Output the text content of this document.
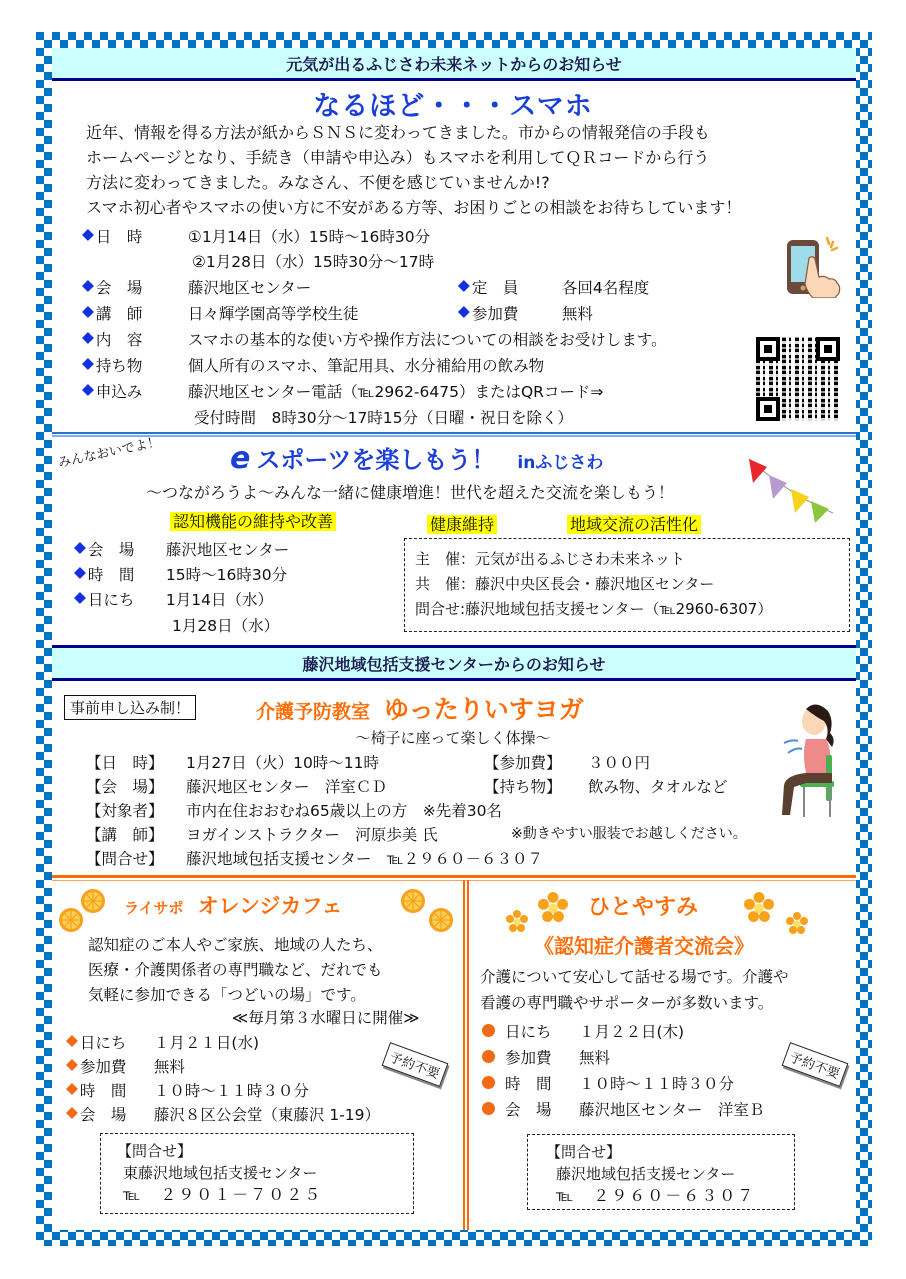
元気が出るふじさわ未来ネットからのお知らせ
なるほど・・・スマホ
近年、情報を得る方法が紙からＳＮＳに変わってきました。市からの情報発信の手段も
ホームページとなり、手続き（申請や申込み）もスマホを利用してＱＲコードから行う
方法に変わってきました。みなさん、不便を感じていませんか!?
スマホ初心者やスマホの使い方に不安がある方等、お困りごとの相談をお待ちしています！
◆ 日　時	①1月14日（水）15時～16時30分
②1月28日（水）15時30分～17時
◆ 会　場	藤沢地区センター	◆ 定　員	各回4名程度
◆ 講　師	日々輝学園高等学校生徒	◆ 参加費	無料
◆ 内　容	スマホの基本的な使い方や操作方法についての相談をお受けします。
◆ 持ち物	個人所有のスマホ、筆記用具、水分補給用の飲み物
◆ 申込み	藤沢地区センター電話（℡2962-6475）またはQRコード⇒
受付時間　8時30分～17時15分（日曜・祝日を除く）
みんなおいでよ！ e スポーツを楽しもう！ inふじさわ
～つながろうよ～みんな一緒に健康増進！世代を超えた交流を楽しもう！
認知機能の維持や改善	健康維持	地域交流の活性化
◆ 会　場	藤沢地区センター
◆ 時　間	15時～16時30分
◆ 日にち	1月14日（水）
1月28日（水）
主　催：元気が出るふじさわ未来ネット
共　催：藤沢中央区長会・藤沢地区センター
問合せ:藤沢地域包括支援センター（℡2960-6307）
藤沢地域包括支援センターからのお知らせ
事前申し込み制！	介護予防教室 ゆったりいすヨガ
～椅子に座って楽しく体操～
【日　時】	1月27日（火）10時～11時	【参加費】	３００円
【会　場】	藤沢地区センター　洋室ＣＤ	【持ち物】	飲み物、タオルなど
【対象者】	市内在住おおむね65歳以上の方　※先着30名
【講　師】	ヨガインストラクター　河原歩美 氏	※動きやすい服装でお越しください。
【問合せ】	藤沢地域包括支援センター　℡２９６０－６３０７
ライサポ オレンジカフェ
認知症のご本人やご家族、地域の人たち、
医療・介護関係者の専門職など、だれでも
気軽に参加できる「つどいの場」です。
≪毎月第３水曜日に開催≫
◆ 日にち	１月２１日(水)
◆ 参加費	無料
◆ 時　間	１０時～１１時３０分
◆ 会　場	藤沢８区公会堂（東藤沢 1-19）
予約不要
【問合せ】
東藤沢地域包括支援センター
℡　２９０１－７０２５
ひとやすみ
《認知症介護者交流会》
介護について安心して話せる場です。介護や
看護の専門職やサポーターが多数います。
日にち	１月２２日(木)
参加費	無料
時　間	１０時～１１時３０分
会　場	藤沢地区センター　洋室Ｂ
予約不要
【問合せ】
藤沢地域包括支援センター
℡　２９６０－６３０７
